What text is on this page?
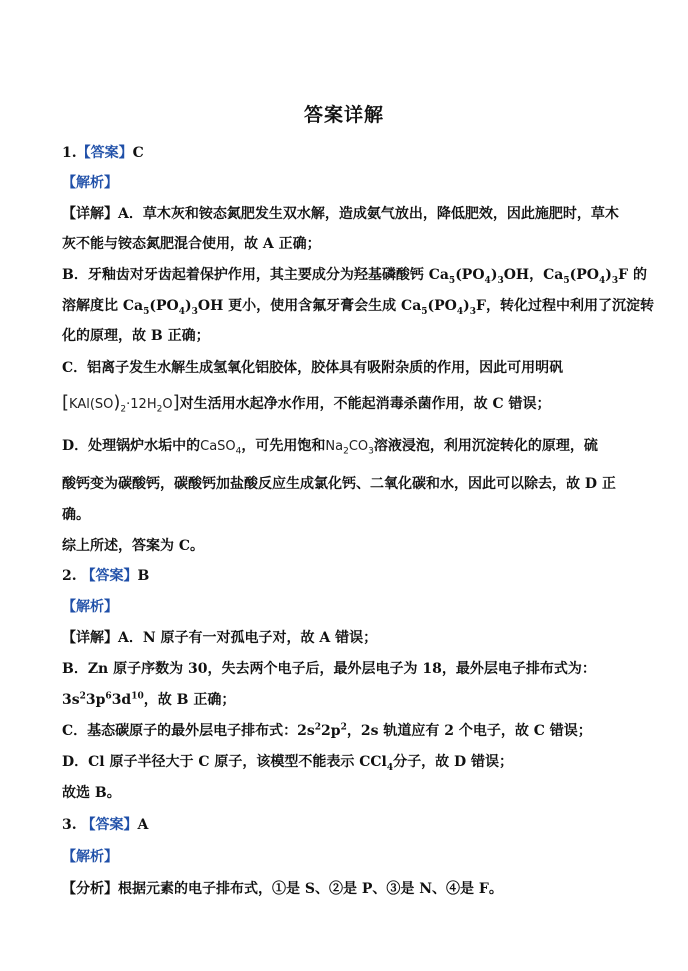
答案详解
1.【答案】C
【解析】
【详解】A．草木灰和铵态氮肥发生双水解，造成氨气放出，降低肥效，因此施肥时，草木
灰不能与铵态氮肥混合使用，故 A 正确；
B．牙釉齿对牙齿起着保护作用，其主要成分为羟基磷酸钙 $Ca_5(PO_4)_3OH$，$Ca_5(PO_4)_3F$ 的
溶解度比 $Ca_5(PO_4)_3OH$ 更小，使用含氟牙膏会生成 $Ca_5(PO_4)_3F$，转化过程中利用了沉淀转
化的原理，故 B 正确；
C．铝离子发生水解生成氢氧化铝胶体，胶体具有吸附杂质的作用，因此可用明矾
$[KAl(SO)_2\cdot 12H_2O]$对生活用水起净水作用，不能起消毒杀菌作用，故 C 错误；
D．处理锅炉水垢中的CaSO$_4$，可先用饱和$Na_2CO_3$溶液浸泡，利用沉淀转化的原理，硫
酸钙变为碳酸钙，碳酸钙加盐酸反应生成氯化钙、二氧化碳和水，因此可以除去，故 D 正
确。
综上所述，答案为 C。
2. 【答案】B
【解析】
【详解】A．N 原子有一对孤电子对，故 A 错误；
B．Zn 原子序数为 30，失去两个电子后，最外层电子为 18，最外层电子排布式为：
$3s^23p^63d^{10}$，故 B 正确；
C．基态碳原子的最外层电子排布式：$2s^22p^2$，2s 轨道应有 2 个电子，故 C 错误；
D．Cl 原子半径大于 C 原子，该模型不能表示 CCl$_4$分子，故 D 错误；
故选 B。
3. 【答案】A
【解析】
【分析】根据元素的电子排布式，①是 S、②是 P、③是 N、④是 F。
